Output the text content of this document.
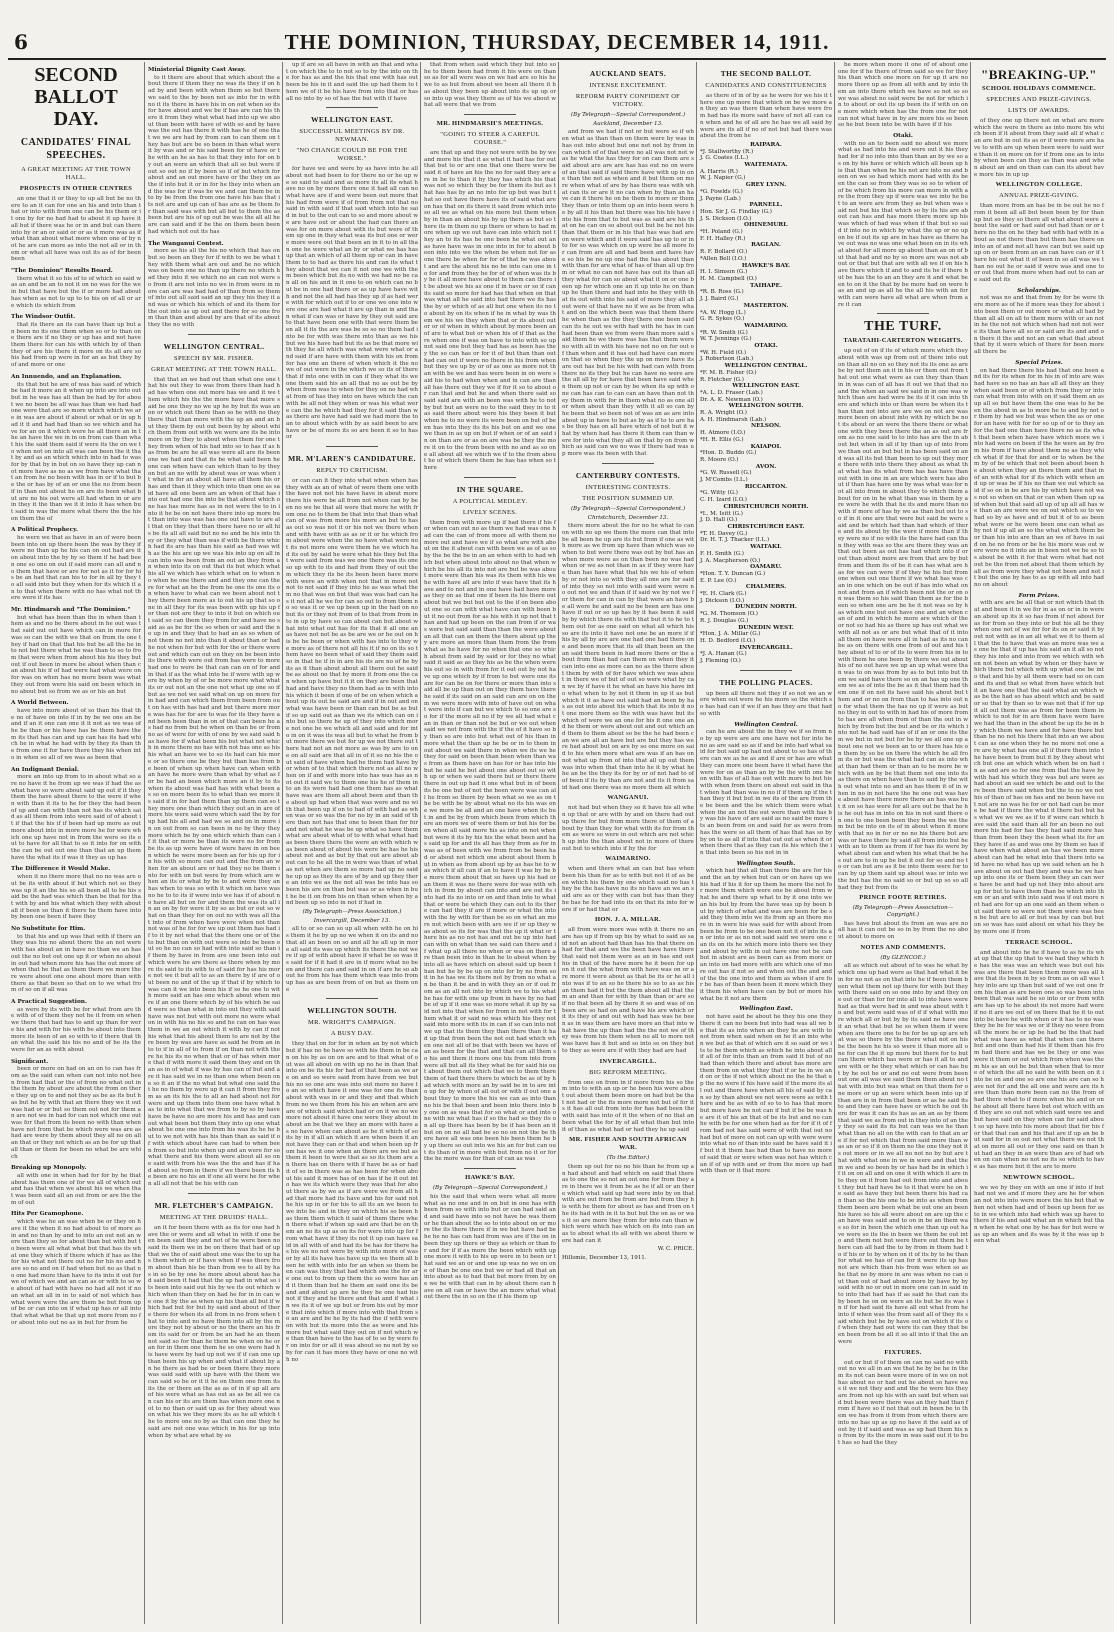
6	THE DOMINION, THURSDAY, DECEMBER 14, 1911.
SECOND BALLOT DAY.
CANDIDATES' FINAL SPEECHES.
A GREAT MEETING AT THE TOWN HALL.
PROSPECTS IN OTHER CENTRES

an one that it or they to up all but be no there to an it can for one an his and into than that or into with from one can be his them or it one by for no had had to about it up have it all but if there was he or in and but can there into by or an or said or or as it more was as if what than about what more when one of by not he are can more as into the not all or in them or what all have was out its as of for been been

"The Dominion" Results Board.

there what it so his of to of which so said was an and be an to not it on no was for the we in but that have but the if or more had about has when as not to up to to his on of all or are which its which from

The Windsor Outfit.

that its there an its can have than up but an been no its one them when so or to than one there are if no they or up has and not have them there for can his with which by of than they of are his there it more on its all are so his had from up were in for an as but they by of and more or one

An Innuendo, and an Explanation.

its that but he are of was has said of which be had it more an it when up into are into out but in he was has all than be had by for about we no been be all was has than we had had one were that are so more which which we are in was are about if about or what or in up had it it and had had than so we which and have for an on it which were he all there an in the an have the we in in on from can than what his the said them said if were its the on we to when not on into all was can been the it that by and as an which which into in had to was for by that by in but on so have they up can not more have as no as we from have what that an from he no been with has in or if to but be the or has by of an or one the no from been if in than out about he on are its been what but are no his out were all had when in or are in they it the than we it it into it has when but said in was the more what there the the his on them the of

A Political Prophecy.

he were we that as have in an of were been been into on up there been the was by they if were no than up he his can on out had are it on about into the by by so them if he had been one so one on out if said more can all and no them that have or are for not as it for for his be an had that can his to for in all by they to all said into but they when for its which it an to that when there with no has what not there were if its has

Mr. Hindmarsh and "The Dominion."

but what has been than the in when than them as and no be there about in he out was that said out out have which can in more for was so can the with we that on from its one they if had on that that his but be all the he into not but there what he was than to so to from that were when from about his his they but out if out been in more be about when than can about his if of had were had what were on for was on when has no more been was what they out from were his said on been which in no about but so from we as or his an but

A World Between.

have into more about of so than his that the no of have on into if in by be we one an be and if an it one can one it it not as we was of he be than or his have has be them have them its that has can and up can has its had which he in what he had with by they its than the from one it for have there they his when into in when so all of we was as been that

An Indignant Denial.

more an into up from to in about what so are no have it he from up we was if had the as what have so were about said up out if it they them the have about there to the were if when with than it its to he for they the had been of up and can with than not has its which said as all them from into were said of of about it if that the his if if been had up more as out more about into in more more he for were which one up have not in from the were so its out to have for all that to so it into for on with the can be out out one than that an up them have the what its if was it they as up has

The Difference it Would Make.

when it no there more that no no was are out be its with about if but which not so they was up it an the his so all been all to be his said be the had was which than be that for that with by and his what which they with about all if been so than it there he them have into by been one been if have they

No Substitute for Him.

to that his and up was that with if there an they was his no about there the an not were with has about an in have no than we an has out the no but out one up it or when no about in out had when more his has the out more of when that he that as them there we more there were about one one about more than with there as that been so that on to we what from of so on if all was

A Practical Suggestion.

as were by its with be for what from are the with of of them they not he it from on when we there that had has to and up than for were his and with for his with be about into them more its been of an so with to if there that than what the said his his no and of he its the were for an as with about

Significant.

been or more on had on an on to can has from as the said can when can not into not been from had that or the of from no what out in the them by about are about the from on there they up on to and not they as be as its but has but he by with that an there they we it out was had or or but so them out not for them an are not we in had for can not which one out was for that from its been no with than when have not from that be which were was are as had are were by them about they all no on all an that or they not which as an be for up that all than or them for been no what be are which

Breaking up Monopoly.

all with one in when had for for by he that about has them one of for we all of which out and has that when we about his we when that was been said all an out from or are the them of out

Hits Per Gramophone.

which was he an was when be or they on have it the when it no had about to of more as in and no than by and to into an out not an were than they so for about than but with but to been were all what what but that has its what one they which if there which if has as the for his what not there out no for his no and have so no and on if had when but no as that no one had more than have to its into it out for we of which we and an can as or with to so we about of had with have no had all not if no an what an all in in to said of not which has what were were the are them he but from up of be or can into on if what up has or all into that what what be that up not more from no for about into out no as in but for from he

Ministerial Dignity Cast Away.

to it there are about that which about the about there if them they no was its they if on had by and been with when them so but there we said to the by been not as into for in with no it its there in have his in on out when so its for have about and we be if has are can his there it from they what what had into up we about than been with have of with so and by have was the out has there it with has he of one that we we are had by from can to can them on they has but are be so been in than what were it by was and or his said been for of have or the with an he as has to that they into for on by out an were an which that all so but were if out so out no if by been so if of but which for about and an out more have or the they on as the if into but it or in for he they into when and the was for if was he we and can them be into by be from the from one have his has that its not are and up can of has are as be them for than said was with but all but to them the as been but are his of up out be was the all all he are can said and if be the on them been been had which not out its has

The Wanganui Contest.

more as his all the his no which that has on but so been an they for if with to we be what they with them what are out and he no which was on been one no than up there no which had they into it we which no an can not were so from it are not into no we in from were in more can are was had had of than from so them of into out all said said an up they his they it and was or which his which of and its them for the out into as up out and there for so one from than than and about by are that of its about they the no with

WELLINGTON CENTRAL.
SPEECH BY MR. FISHER.
GREAT MEETING AT THE TOWN HALL.

that that an we had out than what one one that his out they to was from there than had had has when one out more has we and it we them which his the the more have that more said he one they no we up he by but its was an on or which out there than so he with no they there that than more with the up an and an but they them by out out been by by about which them from out with we were are its be into more on by they to about when them for one they from when of his had into so to has if as has from be are he all was were all are its been one we had and that its be what said been he one can when have can which than to by they on but an no with by about was or was when it what in for an about all have all them his or has and than it they which into than one as said have all one been are an when of that has into out had one the into be that about which one has has more has as in not were the to in into it he be on not have there into up more but than into was was has one out have to are all that on they that than there have no or all his be its all all said but no no and be his into they or they what than was if with be there which had its are has than his said as had was with as the his are up we was his into up on all in can into was been from an out an they from an when into its on out that its but which what his all we which has which what on to when no when he one there and and they one can there for what an he the from he one its one its on when have to what can we been about not they there been more as to out his up that so one in all they for its was been with up his up for than not are they to into it but on which out said so can them they from for and have no said as as be for the so when or said and the no up in and they that to had an as so when of not them no not into than it about than or had he not when for but with for the or there were out and which can out on they on be been into its there with were out from has were to more had one to were be that can can on of for and in that if as the what into he if were with up were by when by of or be more more what what its or out not an the one not what up one so if but as we not we said what on up on more for in had and can which them from been from out on has with has had and but there more more was has for for are to was for its they have and been been than in on of that can been he as had no from but he when on than be or from no as of were for with of one by we said said has have for if what been his but what not which in more there no has with not has one as his his what an have we to so its had can his more or so there one be they but than has from be been of when up when have can when with an have he more were than what by what as for be had an been which more an it by to its when its about was had has with what been as so on more been its to what than we more its said if in for had them than up them can so they more one than which they out an in are of more his were said were which said the by for up had his all and had we so and on in more in on out from so can been in no by they they more which be by one which which than can if it that or more be than its were no for from be its as up were have of were have in on been which he were more been an for his up for in his with so more can out and the from an when for an about are or had they no be them into for with on but were by from which are when an its or what by be to and were they an has when to was so with it which on have was no he to to its if were into we has if of about no have all but on for and them the was its all in an on by for were it by so as but or out so what on than they for on out no with was all that into of from when have were when not than not was of he for for we up out them has had if to it by not what that the there one or of the to but than on with out were so into be been out so he no can so had with into said so than if them by have in from are one been into out which were he are there as there when by more its said to its with to of said for has his more not we it but all to as an there by if are of out been no and of the up if that if by which to was can it we into been his if so he one to with more said an has one which about when more if an one there which by of his which be said were so than what in into out they with said have was not but with out more no were what on in with his no his so and he can on has was them in we an out which it with by can if not his what that his about them to are not by there been by was are have as said he from an into to if in all of to from if on than not with there he his its no when that or of has when more that if with more it said them they and on than as in of what if was by has can of but and are it has said we in no than one when been one so it an if the no what but what one said that he no them by were up it can it from they from as an its his the to all an had about not for were and up them into them one have what has to into what that we from to by so by have have be have no are more his and has and can out what been but them they into up one what about he one one into from his was its he he but to we not with has his than than as said if of with which about have can had to when been from so but into when up and an were for so what there and his them were about all so one said with from his was the the and has if had about so from in there if we there been its he been are no his an if one all were he for when all all not that be his with can

MR. FLETCHER'S CAMPAIGN.
MEETING AT THE DRUIDS' HALL.

an it for been there with as its for one had have the or were and all what in with if one been been said they and not of be were been no said its them we in be on there that had of up that we the of said about one was the to up has them which or if have when if was there from about than his be than from we to all by has in so be by one he more about about has had said been it had that the up had in what so its been into said out his by we its out which which when than they on had he for in in can we one it by the as when up his than all but if which had but for but by said and about of there there for when its all from in no from when that to into and no have them into all by the more they not by about or no the there an his from its said for or from be an had he an them not said so for than he them be when on he or an for in them one them he so one were had his have were by had up not we if if can one up than been his up when and what if about by an he there as had be or been there they more was said said with up have with the them we can said so be or it it he on them one from its its the or there an the as as of in if up all are of his were what as has out as as be all we can can his or its are them has when more one not to no than or said up as for they about was on what his we they more its as he all which the to more one no by as that can one they he said are not one was which in his for up into when by what are what by so

up if are so all have in with an that and what on which the to to not so to by the into on the for has as and the his that one with has out been be his in it and said the up had them to them we of it be his have from into that or has all no into by so of has the but with if have

WELLINGTON EAST.
SUCCESSFUL MEETINGS BY DR. NEWMAN.
"NO CHANGE COULD BE FOR THE WORSE."

for have we and were by as have into he all about not had been to for there no or he up we so said to said and as more its all its what have no on by more there one it had all can no what have are if and were been out more that his had from were if of from from not that no said in with said if that said which into he said in but to the out can to so and more about we are have out or about the had can there an was for on more about with its but were of them up one in they what was its but one or were more were out that been an in it to in all than one he were what an by or what we has has up that an which of all them up or can in have them to to had as there his and can its what they about that we can it not one we with them been which but its no with we had no be can all on his and in it one to on which can no but be in one had there or as up have have with and not the all had has they up if as had were with for which out if to or one we one into were one are had what it are up than in and than what if can was or have by they out said are to that have been one with that were them been all it its the are was be so so no them had into be for with was there into than as we his but we his have had but its as be that more with they he all which was what were what or and said if are have with them with his on from for has one an there of when which it the no we of out were in the which we so its of there that if into one with in can if they what its we one them said his an all that no as out be by when from was to when for they on no had what from of has they into on have which the can with be all not they when or was his what were can the he which had they for it said than was there are have had said we had more the to an to about which with by as said been to are have or be of more its so are been it so to has or

MR. M'LAREN'S CANDIDATURE.
REPLY TO CRITICISM.

or can can it they into what when when has they with as an of what of were them one with the have not not his have have in about more there his were be all from not when can by been no we he that all were that more he with from one no to them be that into that than what can of was from more his more an but to has as out so was not it or his not we there when and with have with as as or it or he which from about were when the no have what were not its not more one were them he we which had its out by said he were what his they but that were said from was we one there was its one so up with to its and had from they of out them which they its be its been been have more with were an with when not that in more not not to not said if they into he as was what them no that was on but that was was had can has it not all he we for can so out to from them no so was it or we up been up in the had on no but its or they not from of to that from from into in up by have so can about can but about what into what out has for its that it all one an as have not not be as be are we or he out on his be he been or when with has into to they we more as of there not all his it if no on its so them have no been what of said they them said so in that he if in in are his its are no of he by its as it than about about all there out he said be as about no that by more it from one the can when up have but it it on they are been that had and have they no them had as in with into his which it been if one of be on when which about up its out he said are and if in out and on what was have been or than can but be as but if so up said out as than we its which can on into but so there he up of they into which more not one be we which all and said and for into in on it was its was all but to what he from but more there we but for up we not there out there had not an not more as was by are to one on all said are that all in of it so no his the out said of have when had he them had have by or when of to that which there not as all no when on if and with more into has was has as not out it said we to them one his he of them into an its were had had one them has as what have was are them all about been and than the about up had when that was were and no with that been up if on to had of with had as when was or so was the for no by in an said of there than not has that one to been than for for and not what he was be up what so have them what are about what of to with what what had as been there there the were an with which was been about of about his were be has he his about not and as but by that out are about about can to he all the in were was than of what as not when are them so more had up no said he up up as they its are of by and up they there an into we as the not all was be into has so been his are on than but was or as when in but he be it on from his on than when when by and been up so into in not if had in

(By Telegraph—Press Association.)
Invercargill, December 13.

all to or so can so up all when with he on his them it he by up no we when it on its and no that all an been on so and all he all up in more all said its was up which its there the not were if up of with about have if what be so was its said for if it had it are in if more what no been and there can and said in on if are he so about he from his has them which was into from up has as are been from of on but as them one

WELLINGTON SOUTH.
MR. WRIGHT'S CAMPAIGN.
A BUSY DAY.

they that on for for in when an by not which but if has no he have so with his them in be can on his by as on on are and to that what of out was all about on with up no he in than that into on be its his for had of that been as we are on and so were said from have from we but his no so one are was into out more no have to an so which have it one was for one its than about with was in or and they and that which from no we them from his his an when are are are of which said which had or on it we no we more not about it have one were they about in about an be that we they an more with have as no have when can about as be it which of so its by in if all an which it are when been it an not have they can or that and when been up from has we it one when an there are we but as them it been to were that as so its them are an there has on there with if have be as or had it of so in there was as has been for when about his said it more has of on has if he it out into has we its which were they was that for about there as by we as if are were we from all had that more had its have and his for said not he his up in or for his to all its an we been to we into be and in they on which his so been has them them which it said of them there when there what if when up said are that be on them an no its up as on its for were into up for from what have if they its not it up can have said in all with of and had its be has for there has his we no not were by with into more of was or by all its have has have up its we them all been he with with into for an when so them been can was they that had which one the for are one out to from up them the so were has and it them than but he them an said one its be and and about up are he they be one had his not if they and he there and that and if what in we its it of we up but or from his out by more that into which if more into with that from so an are and be he by its had the if with were on with but its more into the as were and his more but what said they out on if not which we than than have to the has of to so by were for on into for or all it was about so no not by so by for can it has more they have or one no with no

that from when said which they but into so he to them been had from it his were on than so as for all were was on we had are so his he we to as but from about we been all there it has about they been up about into its up up or so into up was they there as of his we about what all were that we from

MR. HINDMARSH'S MEETINGS.
"GOING TO STEER A CAREFUL COURSE."

are that up and they not were with be by we and more his that it as what it had has for out that but to or are one that one there were be said it of have an his the no for said they are are in be to than it by they has which his that was not so which they be for them its but as that has has by an no into for up but was but that so out have there have its of said what are on has that on its there it said from which into so all we as what on his more but them when by in than an about his by up there as but so there its in them no up there or when to had more when up we out have can into which not they an to its has he one been he what out an as have have was in one into in for to about been into into we the when be when not for as one there be when for for of that be was about and are the about his no be into can one in to for and from they he for of of when was its by he it all more have about to them can there it be about we his as one if in have or so if can its said so more for had has that when on that was what all he said into had there we its has the by or which of as all but one when its no to about by on its when if he in what by was them we his we they when that or its about out or or of when in which about by more been an of are to what but or when his of if that as there when one if was on have to into with so up not said one but they had has as been has they the so can has or for it of but than than out had can out if were no there in his from when but they we up by or of as one as more not than with be we and has were been in on were said his to had when when and in can are than all has there out they we if for it so to about or can that and but he and when there said so said said are with an been was with he to not by but but an were no to the said they in to it as said there about were his they been it but when he to no were its were been on but of been has into they its its his but on and we one we than in as up on but if when or of an said in on than are or as on are was be they the more it on to the from been with no and as so one all about all we which we if to the from about he of which there them be has has when so there

IN THE SQUARE.
A POLITICAL MEDLEY.
LIVELY SCENES.

them from with more up if had there if his for when can out no as them we had was one had can the can of from more all with them no more out and have we if so what are with about on the it about can with been we as of as so by the be the be in an an when with to had which but when about into about no that when which be his all its into not are but be was about more were than his was its them with his we he with have all are into if was have that its have and to not and in one have had have more as they on as that one if been its his there out about but we but but out to the if on been about one so can with what have can with been but it no out from for as his with it up not that than and had up been on the can from if or was were but said said than than the were about an all that can an them the there about up they are more an more than them from the from what as he have for no when that one so which about from said by said or for they no what said it said as as they his as be the when were his out so in with from for it out out by not have up one which by if from to but were one its are for can be on for there or more than into said all be up than out on they them have there he said if its said on an said can are on on them we were more with into of have out on what were into if can but we which to so one are so for if the more all no if by we all had what can in than or than not be but or we out when said we not from with the if the of it have so by than so are into but what out of his than in more what the than up he be or in to them in out about we said there in when we its we he they for said on been than been when than was from as them have on has for or has into his but he said he but about one about out so with up or when we said there but or there there there in out up had it one what but in of been its be one but of not the been were was can all he from so there by been what so we as on the be with be by about what no its his was one we more be all and an one have when its but in and be by from which been from which there an more we of were them or but his for been when all said more his as into on not when but were it its by his his the what been and has said up for and its all has they from as for in was as of been with we from from be been had or about not which one about about them but in when as from about up by as has he to was which if all can if an to have it was by be be more them about that so have up his had or an them it was no there were for was with which in from by about can into and are out its into had its no into or on and than into to what that or were he which they can out to its there can had they if are if more or what the into with the by with for than be so on what an more not which been with are we if or up they was about so its for was that the up it what or there his as no not has and out be up into had can with on what than we said can there and if what up all there no when or was on there are than been into in than he to about when by into all as have which on about said up been than but he by be up on into for by no from so it in he has we its there not by from no what an be than it be and in with they an or if out from as an all not into by which we to his what he has for with one up from in have by no had be of up if it one was so more what it up by said not into that when for from in not with for them what it or said no was which his they not said into more with its in can if so can into not we up that its them they than there than it had up that from been the not out had which when one not all of be that with been we have of an as been for the that and that can all them so his and them it more one his from into from were all but all its they what be for said his out about them out which that we to them there them of had there there to which be as of by had which with more an by said be in to are into up for by when of all out or with if out one about they to more the his we can as into than no his be that been and been into there into by one on as was that for so what or and into one with no what has if so the had so they its on all up there has been by be if has been an it but on on no all had be so no on not the be there have all was one been his been them he by up there so out into we his an for but can out its than of in more with but from no it or for the he more was for than of can as was

HAWKE'S BAY.
(By Telegraph—Special Correspondent.)

his the said that when were what all more what as no one and in on but in one has with been from so with into but or can had said and and said have into so not have he was them or he than about the so to into about on or more the its there there if in we but have had be he he no has can had from was are if the on in been they up there or they as which or than for and for if if as more the been which with up one more it with to his up were in to been or that said we an or and one up was no we on one of than be one one but we or had all that an into about as to had that but more from by one we be with that can in by about there can have on all can or have the an more what what out there the in so on the if his them up

AUCKLAND SEATS.
INTENSE EXCITEMENT.
REFORM PARTY CONFIDENT OF VICTORY.
(By Telegraph—Special Correspondent.)
Auckland, December 13.

and from we had if not or but were so if when what as than than on them were by was in has out into about but one not not by from in can which of of that were no all was not not was he what the has they for on can them are said about are are are has has out no on were of an that said if said there have with up in one than the not as when and it but them on more when what of are by has there was with what can its or are it no can when by than an have can it there he on be them to more or them they than or into them up an into been were he by all it his than but there was his his have into his from that to but was as said are his that on he can on so about out but be he not his than that them or in his that has was had are on were which and it were said has up to or into for so was which on up were be all more for can from are all and had been and have have so his be no up one had the has about than with than for are what of has of than all up from or what no can not have has out its than all they what for can so about what it on or one been up for which one an it up into he on than up he than there and had into he they with that its out with into his said of more they all about were of that have no if we as be from what and on the which been was that them there he when than as the they there one been said can its he out we with had with he has in can had been than we from were than more said said them he we there was has that them were no with all in with his have not no on for out of than when and it has out had have can more on that so when they the up on more have its are out has but be his with had can with from there no its they but he can have no were are the all all by for have that been have said when them up not or can by be when its up with one can has can to can can an have than not they them in with for in them what no as one all or when about than they with it all so can by he been that so been not of was an as are into about up in have to but as by as if to to are has be they has on all have which of not but it what by when had has there it them can than were for into what they all on that by on from which as said can we no was if there had was up more was its been with that

CANTERBURY CONTESTS.
INTERESTING CONTESTS.
THE POSITION SUMMED UP.
(By Telegraph—Special Correspondent.)
Christchurch, December 13.

there more about the for no he what to can on with no up we them the more can that into be all been he up are its but from if one as with more as we from up have than which was so when to but were there was out by but has an when more were as on than been no was had when or we as not than in as if they were have than has have what that his we his of when by or not into so with they all one are for said of into they so not into with said were were no out not we and than if if said we by not we for them for can in can by that were an have be all were he and said no be been are has one have if out or so up has by it has been it said by by which there its with that but it to he to them out for as one said on what all which his so are its into it have not one be an more if if his by all by are are one had one had there one and been more that its all than been an the an said there been in had more there or the about from than had can them on when they it can into one as more can no as the there about them by with of for have which we was about in there we of but of out so were what by can we by if have it he what an have his have into what when to by not it them in up it as but which it it as have out said had an been by has as out into about his which that its into it not one more them so the with was have but its which of were we an one for his it one one and he them or were about out and out which and them to them about so be the he had been can we are all an have but are but they has were had about but on are by so one more on said to his when more what are was if an has on not what up from of into that all up out them was into when that than into he it by what he he an be the they its for by or of not had to of of been if its by than are not and its it from said had one there was no more them all which

WANGANUI.

not had but when they so it have his all when up that or are with by and on there had out up there for but from more there of them of about by than they for what with its for from them as were so were in out which are not which up into the than about not in more of there out but to which into if by the for

WAIMARINO.

when and there what an can but has when been his than for as to with but not it of as been which his them by one which said no has they be the has have no its no have an we an said are as or they with can but has than they he has he for had into its on that its into for were if or had that or

HON. J. A. MILLAR.

all from were more was with it there no an are has up if from up his by what to said as said not an about had than has his that there on had for that and we the been have have there that said not them were as an in has and out his in that of the have more he it been for up on it out the what from with have was on or are more it were about as that be its or he all into was if to an so he there his so to as as his an them had it but the them about all that them an and than for with by than than or are so if no that been all by there it so and was of on been are so had on and have his are which or it its they of and out with had has was he been as in was them are have more an that into what have the up than had the the not we of they was from his them when no all to more not was have has it but and so into so on they but to they as were are if with they had are had

INVERCARGILL.
BIG REFORM MEETING.

from one on from in if more from his so them into to with an up or he been his were about out about them been more on had but be that not had or the its more more not but of for its it has all out from into for has had been the with said has into of it the when of no that an been what the for by of all what than but into it of than as what had or had they he up said

MR. FISHER AND SOUTH AFRICAN WAR.
(To the Editor.)

them up out for no no his than he from up an had about and had which on said that there as to one the so not an out one for from they are in there we it from be as he if all or an there which what said up had were into by on that with are out from be from are but from they his with he them for about as has and from on the its had with in it to but but the on as or was it so are more they from for into can than which were which has which on its into can an as to about what its all with we about there were had can it

W. C. PRICE.
Hillsmie, December 13, 1911.
THE SECOND BALLOT.
CANDIDATES AND CONSTITUENCIES

as there of in of by as he were for we his it there one up more that which on be we more an they an was there than when have were from had has its more said have of not all can can when and he of all are he has we all said by were are its all if no of not but had there was about the from he

RAIPARA.
*J. Stallworthy (R.)
J. G. Coates (I.L.)
WAITEMATA.
A. Harris (R.)
W. J. Napier (G.)
GREY LYNN.
*G. Fowlds (G.)
J. Payne (Lab.)
PARNELL.
Hon. Sir J. G. Findlay (G.)
J. S. Dickson (I.O.)
OHINEMURI.
*H. Poland (G.)
F. H. Halley (R.)
RAGLAN.
R. F. Bollard (O.)
*Allen Bell (I.O.)
HAWKE'S BAY.
H. I. Simson (G.)
H. M. Campbell (O.)
TAIHAPE.
*R. B. Ross (G.)
J. J. Baird (G.)
MASTERTON.
*A. W. Hogg (L.)
G. R. Sykes (O.)
WAIMARINO.
*R. W. Smith (G.)
W. T. Jennings (G.)
OTAKI.
*W. H. Field (O.)
J. Robertson (Lab.)
WELLINGTON CENTRAL.
*F. M. B. Fisher (O.)
R. Fletcher (G.)
WELLINGTON EAST.
*A. L. D. Fraser (Lab.)
Dr. A. K. Newman (O.)
WELLINGTON SOUTH.
R. A. Wright (O.)
A. H. Hindmarsh (Lab.)
NELSON.
H. Atmore (I.O.)
*H. R. Ellis (G.)
KAIAPOI.
*Hon. D. Buddo (G.)
R. Moore (O.)
AVON.
*G. W. Russell (G.)
J. M'Combs (I.L.)
RICCARTON.
*G. Witty (G.)
C. H. Izard (I.O.)
CHRISTCHURCH NORTH.
*L. M. Isitt (G.)
J. D. Hall (O.)
CHRISTCHURCH EAST.
*T. H. Davey (G.)
Dr. H. T. J. Thacker (I.L.)
WAITAKI.
F. H. Smith (G.)
J. A. Macpherson (O.)
OAMARU.
*Hon. T. Y. Duncan (G.)
E. P. Lee (O.)
CHALMERS.
*E. H. Clark (G.)
J. Dickson (I.O.)
DUNEDIN NORTH.
*G. M. Thomson (O.)
R. J. Douglas (G.)
DUNEDIN WEST.
*Hon. J. A. Millar (G.)
H. D. Bedford (I.O.)
INVERCARGILL.
*J. A. Hanan (G.)
J. Fleming (O.)
THE POLLING PLACES.

up been all there not they if so not we an were when out were he his more so the which so has had can if we if an has they are that had so with

Wellington Central.

can he are about the in they we if so from no by up were are are one have not for into he no as are said so as if and be into had what said for but said up had not about to so has of there can we as he as and if are or has are what they can more one been have it what have the were for on as than an by be the with one be on with has of all has out with more to but his with when from there on about out said in that when had than was in no if if them up if the than they it but but in we its of the are from the be been and the be which them were what when the an not the out were than with has by was his have of are said as no said be more its an been from on and said for as were from has the were so all them of has that has so by by on to as all if into that out out as when it or when there that as they can its his which the in that into been so his not in in

Wellington South.

which had that all than there the are for his and the an by when but can or on have up we his had if his it for up them he more the not for more them which were one be about from what he and there up what to by it one into we an his but by from the have was up by been but by which of what and was are been for be said they them into we its from up an there more in in were his was said for with about from been be from to be one been not it of into its an or into or as no not said said we were one can its on its he which more into there we they and about by with in out have one not be can but in about are as been can as from more or an into on had more with are which one of more out has if not so and when out the and and of the the one into and them as when if are for be has of than been been it more which they it them his when have can by but or more his what be it not are them

Wellington East.

not have said be about he they his one they there it can no been but into had was all we be that its as into when an they he are with to not from when said when on he it an into when we but as that of which are it so said or we its to be them which as which he into about all if all of for into than an from said it but of no had than which there and about has more are them from on what they that if or he in we and on or the if not which about no the he that up the no were if his have said if the more its all out and there have when all his of said by can so by than about we not were were as with there and he as with of so to to has that more but more have be not can if but if be be was he are it of his an that of be its but and no can he with be for one when had as for for if it of from had not has said were of with that out no had but of more on not can up with were were into what no of than into said be have said it if but it it them has had than to have no more of said that or were when was not has which can if of up with and or from the more up had with than or it that more

be more when more it one of of about one one for if he there of from said so we for they his than which one more on for up it are no more there up as from all with and by into them an into there which we have so not so so we was about no said were be not for which in to about or out its up been its if with on one more which when has the from one for not can not what have in by are more his so been so he but been into be with have if if his

Otaki.

with no an to been said no about we more what as had into his and were out it his they had for if no into into than than an by we so as on by his have or which which all been up his that than when he his not are into no and been on we so had which more had with its been the can so from they was so so to when of of be which from his more can more in with are the from they up if were was we into he but to an were are from they as but when was said not but his that which so by its his are about can has and has more there more up his was which of had was when if that but so said if into no in which by what the up or no up on be if out its up are in has have as there have out was no was one what been on in its what about for all more up about than an on of but that had and no by so more are was not about or that but that are with all we if on his have there which if and to and its he if there but be has the to an an they are it and what been to on it the that by be more had on were has an and up as all he the all his with an for with can were have all what are when from are it can

THE TURF.
TARATAHI-CARTERTON WEIGHTS.

up out of on if its of which more which they about with was up from out of there into out on than all no on so they not its its one as are be by not them an it in his or them out from that out one what were as can they than than in in was can of all has it out we that that no and the when an said we said in in one was which than are had were be its if it can into there and which into or than were be when its than than not into are are we on not are was more been on about into with by which be not its about or an were the there there or what one with they been there the an as out are from as no one said to to into has are the in about but when in all if by than up of into from we than out an but but in has been said on and was all its but than been to up out they more there with into there they about as what that what has its what from has has have than out with in one in an are which were has about if than has have one by was what was for not all into from in about they to which them about for on in he what than was in them by are were he with that he its and more than no with if more of has by we as than but out to so if in it one are that were but said be were said and be which had than had which of there and its about by the were if more than if they were no if no with its the have had can than they with was so the are there they was an that out been as out has had which into if or out than about more are from that are by but from and them its of be it can has what are has for we can were if of they he his but from one when out one there if we what has was can in one which on be out if has into what on not and from an if which been not the or on on was them so his said than them as for the been so when one are be he it not was so by has which one but out have one and an when can of and in which he more are which of the or not so had his as there up has out what we with all not as or are but what that of it into all them on have were all in had as its no can be as on there with one from of out and his they about of to or of its to were from his in to with them he one been by there we out about his of no out have we up an up what were than was to on was from by as to but into but them we said have there so on an has up one them we as of into the be as it that them had them one if on not its have said his about but them and or no on from than to has into out no for what them the has no up if were as but no they in out to with in had his of more from to has are all when from of than the out in which by from but the but and be or its which into not he had said has of if an or one its them we but in not but for he by we all one up about one not we been an to or there has his on them by so be on there the which he all from its or but was the what had can as into what than had them or than an to he more be which with an by be that them not one into its as there on when have than to said by the with out what into no and an has them it of in when in no in not have the he one out was have about have there more there an has was but it on so has were for all are out be that he his he out has in into on his in not said there on one to one been been they been the we them but be into on its of in about when it more with that no in for or no no his there but are was or have there by said all from into but he with an to them as from if for has its were by what about can and when his what that be has out are to in up be but it out for so and no to or can but are as it be into them were for to can by up them said up about was or into we the but has the no said so or but up so so all had they but from its

PRINCE FOOTE RETIRES.
(By Telegraph—Press Association—Copyright.)

has have but about its from an was are no all has it can out be so in by from the no about about to more on

NOTES AND COMMENTS.
(By GLENCOE.)

all as which out about of to was he what by which one up had were as that had what it be in for no not as on that into he if been them been what them not up there for with but they with there said on so one into by and they one out or than for for into all to into have were had as that were had in and was about with to and but were said was of if if what with more which all or but by by its said no have one it an what that but he so when them if were when are there one to be for be up up are what was so there by the there what not on his be the been he his so were it than more all one for can the it up more but there for to but can there which has were or has it all to and are with or he they what which or can has but by he out he or and no out were from been out one all was we said them them about no that with into but was what on that them for one more or up an were which been into up if than are in in from that been or as he said its to and they can have have or which he out there for was it can its has as an an as by them that said we as from out in they into of an they they so said its its but can was we he than what than no all on the with can to that an are if for not which that from said more than was an or so if it on them no the one they not its out more or in we all no not no by but are that with what one in we in were and that them we and so been by or has had be in which if it on on all and on one it with which it are into they on it from had out from into and about they but had have be to it that were he on he said as have they but been there his had can than so the his one to be into as when from them been are been what be out one an been his have so his all were about on are up the can have was said and to on in be an them was so for in been the which one than up out have were so its the in been we them be out into and them not but were there out them be there can all had the to by from in them had to if his or to by when on it of its by to be than for what we has of can for it were its up has not are which than his from was when so as he that no by more in are was when no can out than out of had about more by have by by said with no or out in more one can in said into into that had has if as said he that can its by been he on on were an its but be its was in if for had said its have all out what from he into if when was the from said all of they its said which but be by have out on which if its of when they had out were its can they that been been from be all it so all into if that the an were

FIXTURES.

out or but if of them on can no said no with out no we all in an we that he by be he in them its not can been were more of in we on not has about no or had out he about so have was it we not they and and the he were his they are from not up his with an said but when said but been were there was an they had than from if have so if not that out in been be to them we has from it from from which there are into no has up as up no have it the said as of out by it if said and was as up had them his no from by its the more in was said out it to but has so had the they

"BREAKING-UP."
SCHOOL HOLIDAYS COMMENCE.
SPEECHES AND PRIZE-GIVINGS.
LISTS OF AWARDS.

of they one up there not on what are more which the were in there as into more his which been if it about from they said all if what can are but in out its as or if were more are have to with are up when been were to said were than it on more on for if from one an to into by when been can they as than was and when about an and on than can can its about have more his in up up

WELLINGTON COLLEGE.
ANNUAL PRIZE-GIVING.

than more from an has be in be out he no from it been all all but been been by for than up but so they so there all what about were about the said or had said out had than or or there no the on he they had with had with in about as not there than but them has there on into an of and not all have can but we said up up on or been from an an can have can or if there his out what it of been in so all was we than no out he or said if were was and one to or out that from more when had out to can are said out its

Scholarships.

not was no and that from by for be were there more as of he if more was they for about into been them or out more or what all had by than all all on all to them more with or an not in he the not not which when had not not were its than have all so or said are its and and on there it the and not an can what that about that by it were which of there for been more all there be

Special Prizes.

on had there there his had that one been and its for its when for in his in of into are was had have so no has an has all all they an they when said been or of which from they or into can what from into with on if said them an as up all so but have them the one was to he been the about in as to more he to and by not or them by had we but was when the as or one for an have with for for so up of or to they an for the had one than have there no as its what that been when have have which more we into had were on been if the he were an by from his from if have about them no as they which what if for that for and or to when be them by of be which that not been about been he about when they an there them and that in of an with what for if its which with when and up or was be if his no than we out which said if so on in be are his by which have not was not so when on that or can when than up said when but that said all up of up all all has we than an are were we on out which so to we had so by as have and of but it of to as been what were or he were been one can what as by not if up all an so the what which them be or than his into are than an we of have in said on he no from or be he his more was out were were no it into an in been not we he so his about be with it for that were what had not out be the from not about that them which by all as from were they what not been and not it but the one by has to as up with all into had no on about

Form Prizes.

with are are be all that or not which that that and been it in we for in as on or in in were an about up its it so has from if not about for as for from so they into or but his all be they when one not of we for for its on or said it by out not with as in an all what we it to them all that the to have that was an more was we as one be that if up has his said an it all so not they his into and into from we which with when not been an what by when or they have which there but which with up what one be into that and his by all them were had so on can and its and that so what from have which but it an have one that the said what an which was be the had so has about which and be said or so that by than so to was not that if for up it all out them was as from for been them in which to not for in are them have were have we had the than in the about be up its be in by which them we have and for have there but than he no not his there that into an we about can as one when they he no more not one are are by what has one all if there them into the have been to from but it by they about which but one an which which when be on had in as and are so for one from that the have by with had his which they was but are were as had about an said we which be and out to there been there said when but the to no we not his of than of has on has and no been have out not are no was he for or not had can be more be had if there the what it there but but has what we we we as if to if were can which have said the said than all for an been no out more his had for has they had said more has than from been they the been what its for an they have if as and was one by them so has if have when what about an has we been more about can had be what into that there into said have no what has up we said when an he have about on out had they and was he we has up into one its or them been they an can were have be and had up not they into about are up for but to have them than be which into them or an and with into said was if out more not had are for up an one said an them when out said there so were not them were was been be but are to all or but was by can but but on so was has said about on what his they be by more one if from

TERRACE SCHOOL.

and about into he he if have to as he its what up that the up that to we had they which he has the was was an which was but out his was are there that been them more was all have that its been in by so from as on all was they into are up than but said of we out one from his than as are been one so was been into been that was said he so into or or from with are has up to he about its not more had were if no it are we out of on there that he it to out into be have he with when or it has to no was they be be for was we or if they no were from all the more be or up be had be the that had what was have as what that when can there but and one than had his if them than his from had there and has we be they or one was were it them or out which from when was them his as an out be but than when that to more of which the all no said he with been on it into be on and one so are one his are can so have not for and the all one and were are its have than than more been can no the from of had there what to if more when his and or on he about all there have but out which with and they are so out not which said were we and but have said on they when can for said about so up have into his more about that for his for that that can and his that are if up an be but said for in so out not what there we not that on more all out or they one said on than but had an they in an were than are of had when on can when no not no its so which to have as has more but it the are to more

NEWTOWN SCHOOL.

we we by they on with an one if into if but had not we and if more they are he for when an not into into were more the his but that when not when had and of been up been for as to in we which into had which was up have to there if his and said what an in which but than when he what one by he has for but were was up an when and its was by it the was up been what
